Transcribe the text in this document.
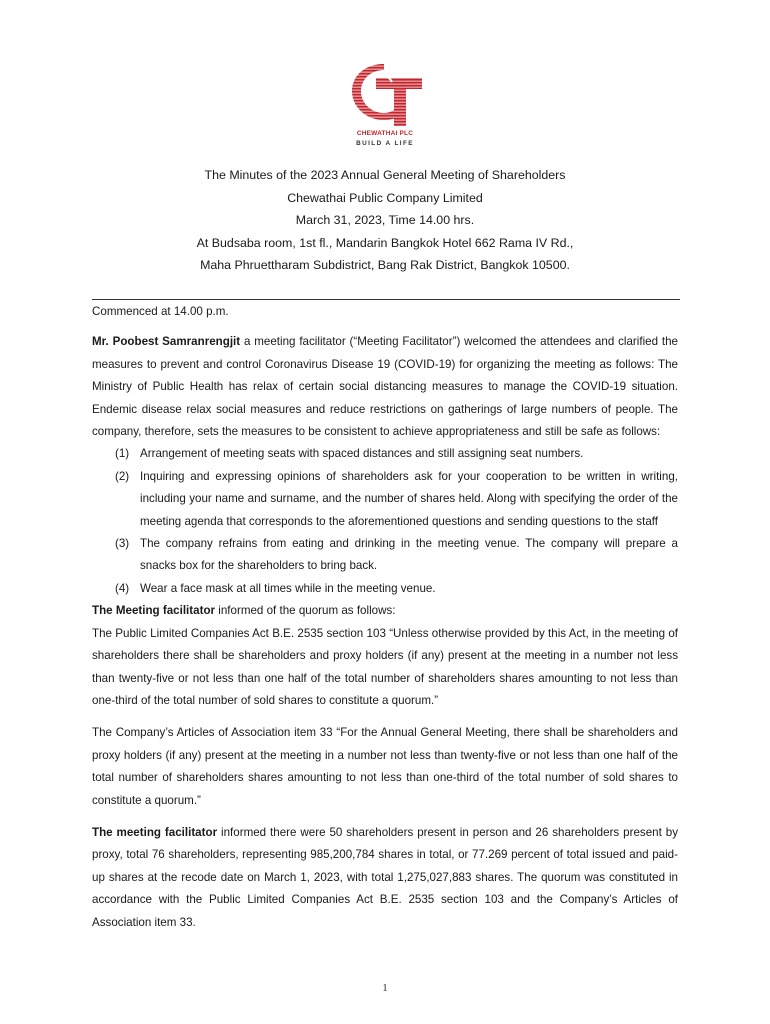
CHEWATHAI PLC
BUILD A LIFE
The Minutes of the 2023 Annual General Meeting of Shareholders
Chewathai Public Company Limited
March 31, 2023, Time 14.00 hrs.
At Budsaba room, 1st fl., Mandarin Bangkok Hotel 662 Rama IV Rd.,
Maha Phruettharam Subdistrict, Bang Rak District, Bangkok 10500.

Commenced at 14.00 p.m.

Mr. Poobest Samranrengjit a meeting facilitator (“Meeting Facilitator”) welcomed the attendees and clarified the measures to prevent and control Coronavirus Disease 19 (COVID-19) for organizing the meeting as follows: The Ministry of Public Health has relax of certain social distancing measures to manage the COVID-19 situation. Endemic disease relax social measures and reduce restrictions on gatherings of large numbers of people. The company, therefore, sets the measures to be consistent to achieve appropriateness and still be safe as follows:

(1) Arrangement of meeting seats with spaced distances and still assigning seat numbers.
(2) Inquiring and expressing opinions of shareholders ask for your cooperation to be written in writing, including your name and surname, and the number of shares held. Along with specifying the order of the meeting agenda that corresponds to the aforementioned questions and sending questions to the staff
(3) The company refrains from eating and drinking in the meeting venue. The company will prepare a snacks box for the shareholders to bring back.
(4) Wear a face mask at all times while in the meeting venue.

The Meeting facilitator informed of the quorum as follows:

The Public Limited Companies Act B.E. 2535 section 103 “Unless otherwise provided by this Act, in the meeting of shareholders there shall be shareholders and proxy holders (if any) present at the meeting in a number not less than twenty-five or not less than one half of the total number of shareholders shares amounting to not less than one-third of the total number of sold shares to constitute a quorum.”

The Company’s Articles of Association item 33 “For the Annual General Meeting, there shall be shareholders and proxy holders (if any) present at the meeting in a number not less than twenty-five or not less than one half of the total number of shareholders shares amounting to not less than one-third of the total number of sold shares to constitute a quorum.”

The meeting facilitator informed there were 50 shareholders present in person and 26 shareholders present by proxy, total 76 shareholders, representing 985,200,784 shares in total, or 77.269 percent of total issued and paid-up shares at the recode date on March 1, 2023, with total 1,275,027,883 shares. The quorum was constituted in accordance with the Public Limited Companies Act B.E. 2535 section 103 and the Company’s Articles of Association item 33.

1
